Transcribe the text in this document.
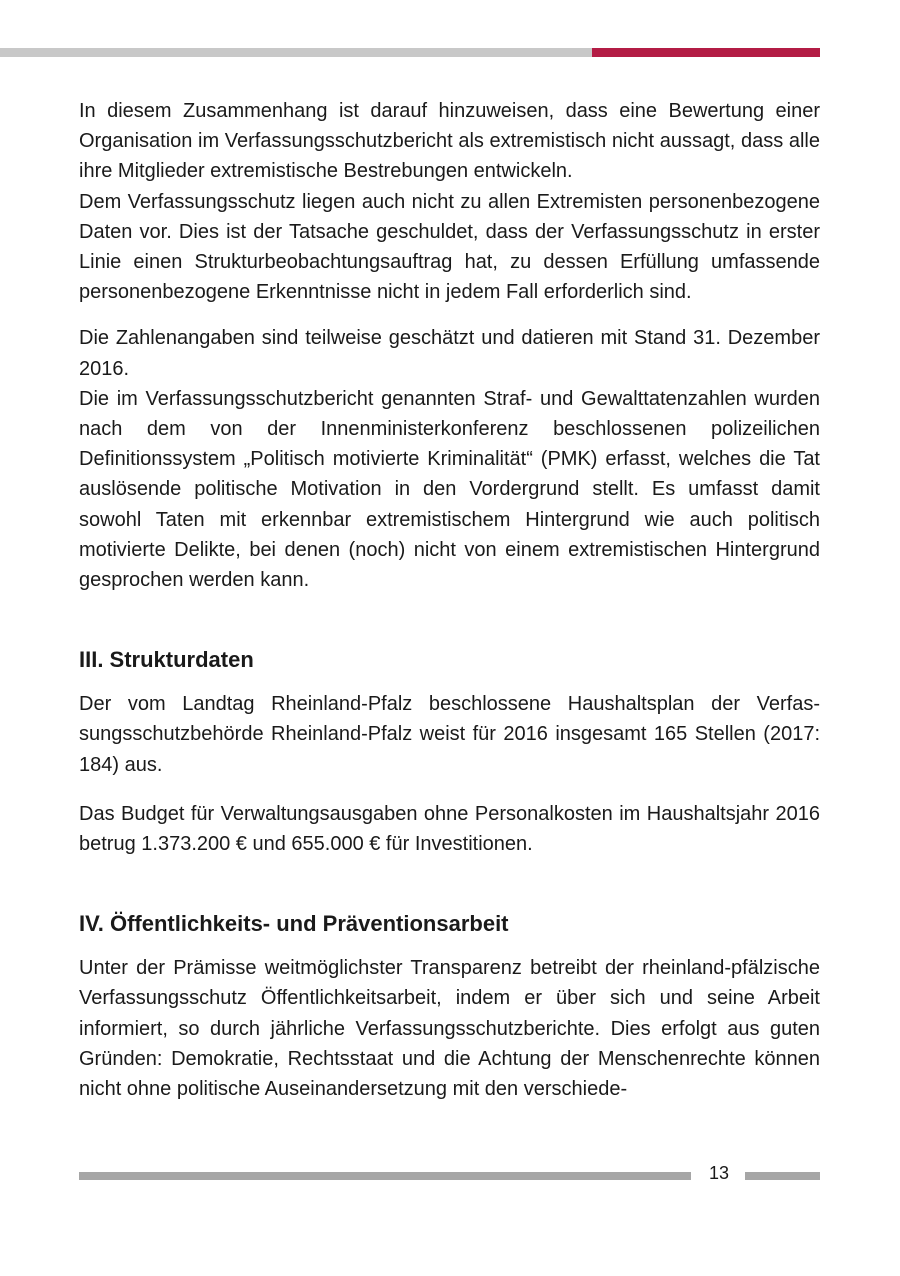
In diesem Zusammenhang ist darauf hinzuweisen, dass eine Bewertung einer Organisation im Verfassungsschutzbericht als extremistisch nicht aussagt, dass alle ihre Mitglieder extremistische Bestrebungen entwickeln.

Dem Verfassungsschutz liegen auch nicht zu allen Extremisten personenbezogene Daten vor. Dies ist der Tatsache geschuldet, dass der Verfassungsschutz in erster Linie einen Strukturbeobachtungsauftrag hat, zu dessen Erfüllung umfassende personenbezogene Erkenntnisse nicht in jedem Fall erforderlich sind.

Die Zahlenangaben sind teilweise geschätzt und datieren mit Stand 31. Dezember 2016.

Die im Verfassungsschutzbericht genannten Straf- und Gewalttatenzahlen wurden nach dem von der Innenministerkonferenz beschlossenen polizeilichen Definitionssystem „Politisch motivierte Kriminalität“ (PMK) erfasst, welches die Tat auslösende politische Motivation in den Vordergrund stellt. Es umfasst damit sowohl Taten mit erkennbar extremistischem Hintergrund wie auch politisch motivierte Delikte, bei denen (noch) nicht von einem extremistischen Hintergrund gesprochen werden kann.

III. Strukturdaten

Der vom Landtag Rheinland-Pfalz beschlossene Haushaltsplan der Verfassungsschutzbehörde Rheinland-Pfalz weist für 2016 insgesamt 165 Stellen (2017: 184) aus.

Das Budget für Verwaltungsausgaben ohne Personalkosten im Haushaltsjahr 2016 betrug 1.373.200 € und 655.000 € für Investitionen.

IV. Öffentlichkeits- und Präventionsarbeit

Unter der Prämisse weitmöglichster Transparenz betreibt der rheinland-pfälzische Verfassungsschutz Öffentlichkeitsarbeit, indem er über sich und seine Arbeit informiert, so durch jährliche Verfassungsschutzberichte. Dies erfolgt aus guten Gründen: Demokratie, Rechtsstaat und die Achtung der Menschenrechte können nicht ohne politische Auseinandersetzung mit den verschiede-

13
